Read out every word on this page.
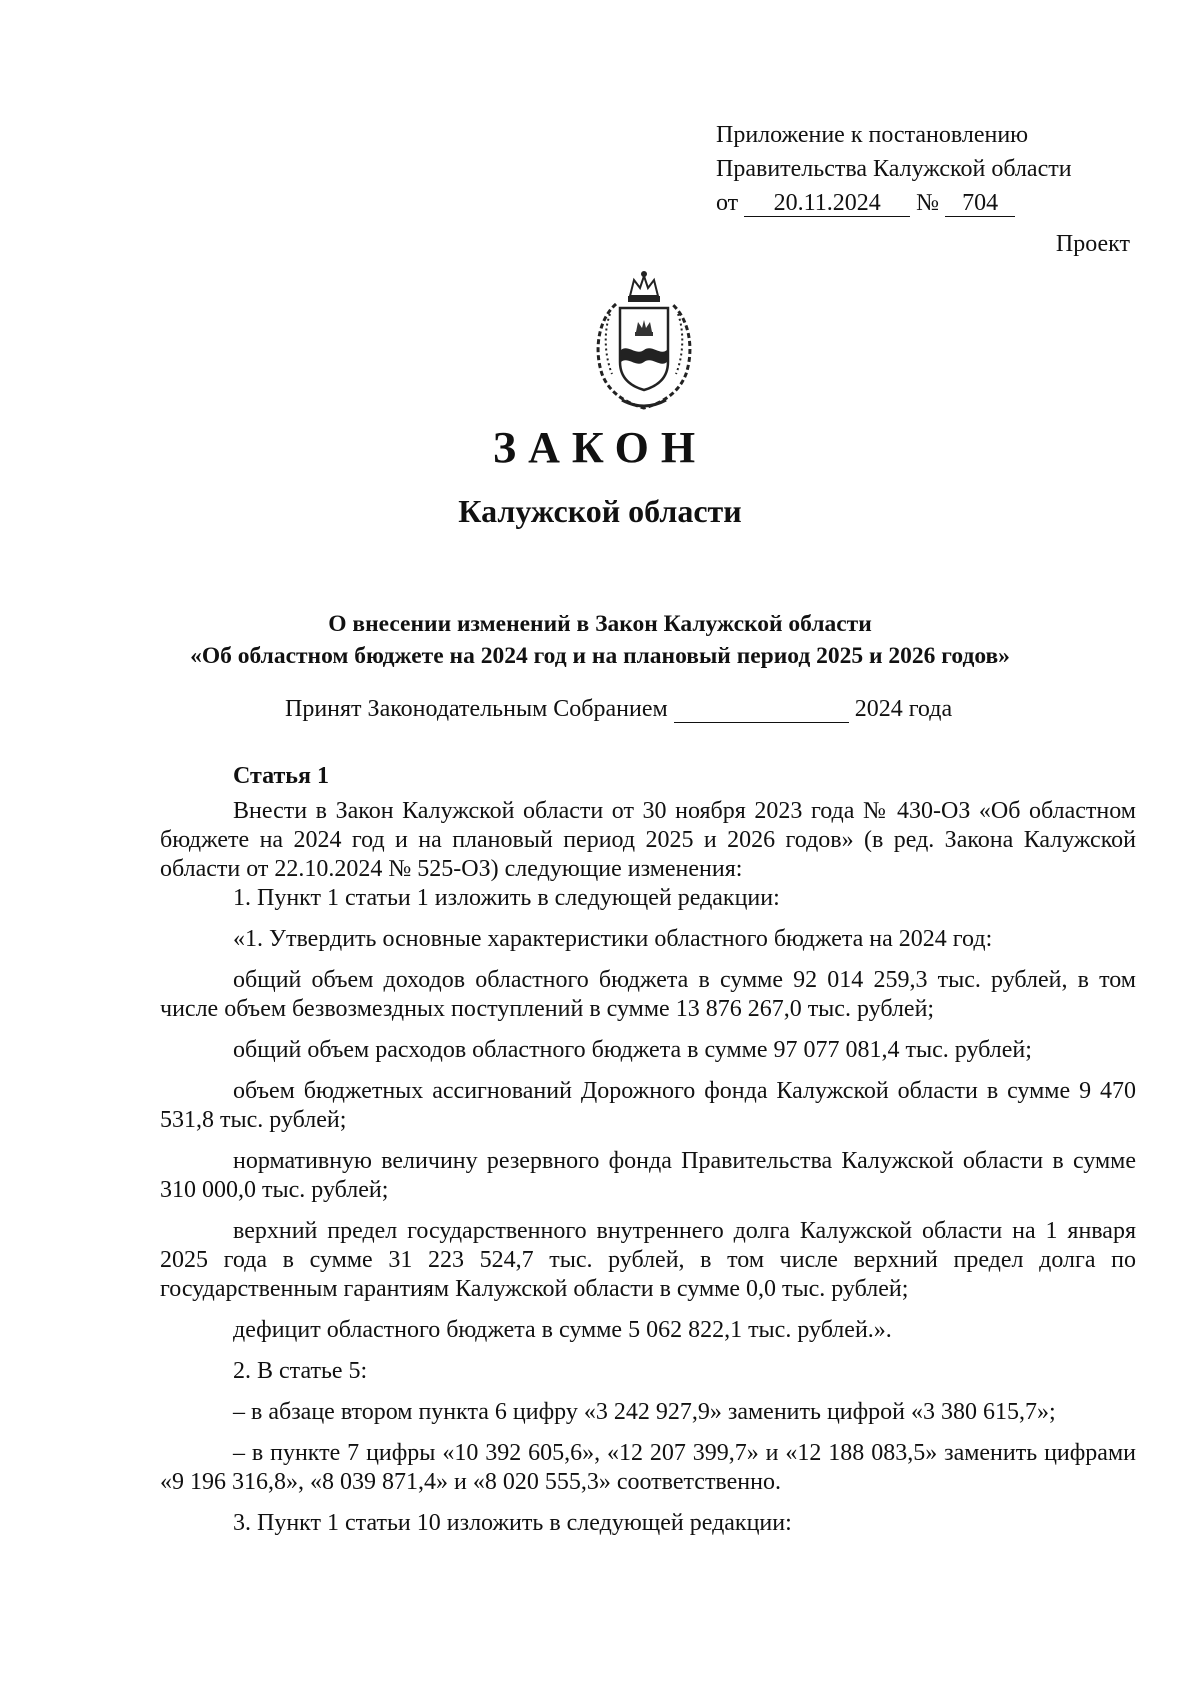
Приложение к постановлению
Правительства Калужской области
от 20.11.2024 № 704
Проект
ЗАКОН
Калужской области
О внесении изменений в Закон Калужской области
«Об областном бюджете на 2024 год и на плановый период 2025 и 2026 годов»
Принят Законодательным Собранием	2024 года
Статья 1

Внести в Закон Калужской области от 30 ноября 2023 года № 430-ОЗ «Об областном бюджете на 2024 год и на плановый период 2025 и 2026 годов» (в ред. Закона Калужской области от 22.10.2024 № 525-ОЗ) следующие изменения:

1. Пункт 1 статьи 1 изложить в следующей редакции:

«1. Утвердить основные характеристики областного бюджета на 2024 год:

общий объем доходов областного бюджета в сумме 92 014 259,3 тыс. рублей, в том числе объем безвозмездных поступлений в сумме 13 876 267,0 тыс. рублей;

общий объем расходов областного бюджета в сумме 97 077 081,4 тыс. рублей;

объем бюджетных ассигнований Дорожного фонда Калужской области в сумме 9 470 531,8 тыс. рублей;

нормативную величину резервного фонда Правительства Калужской области в сумме 310 000,0 тыс. рублей;

верхний предел государственного внутреннего долга Калужской области на 1 января 2025 года в сумме 31 223 524,7 тыс. рублей, в том числе верхний предел долга по государственным гарантиям Калужской области в сумме 0,0 тыс. рублей;

дефицит областного бюджета в сумме 5 062 822,1 тыс. рублей.».

2. В статье 5:

– в абзаце втором пункта 6 цифру «3 242 927,9» заменить цифрой «3 380 615,7»;

– в пункте 7 цифры «10 392 605,6», «12 207 399,7» и «12 188 083,5» заменить цифрами «9 196 316,8», «8 039 871,4» и «8 020 555,3» соответственно.

3. Пункт 1 статьи 10 изложить в следующей редакции:
